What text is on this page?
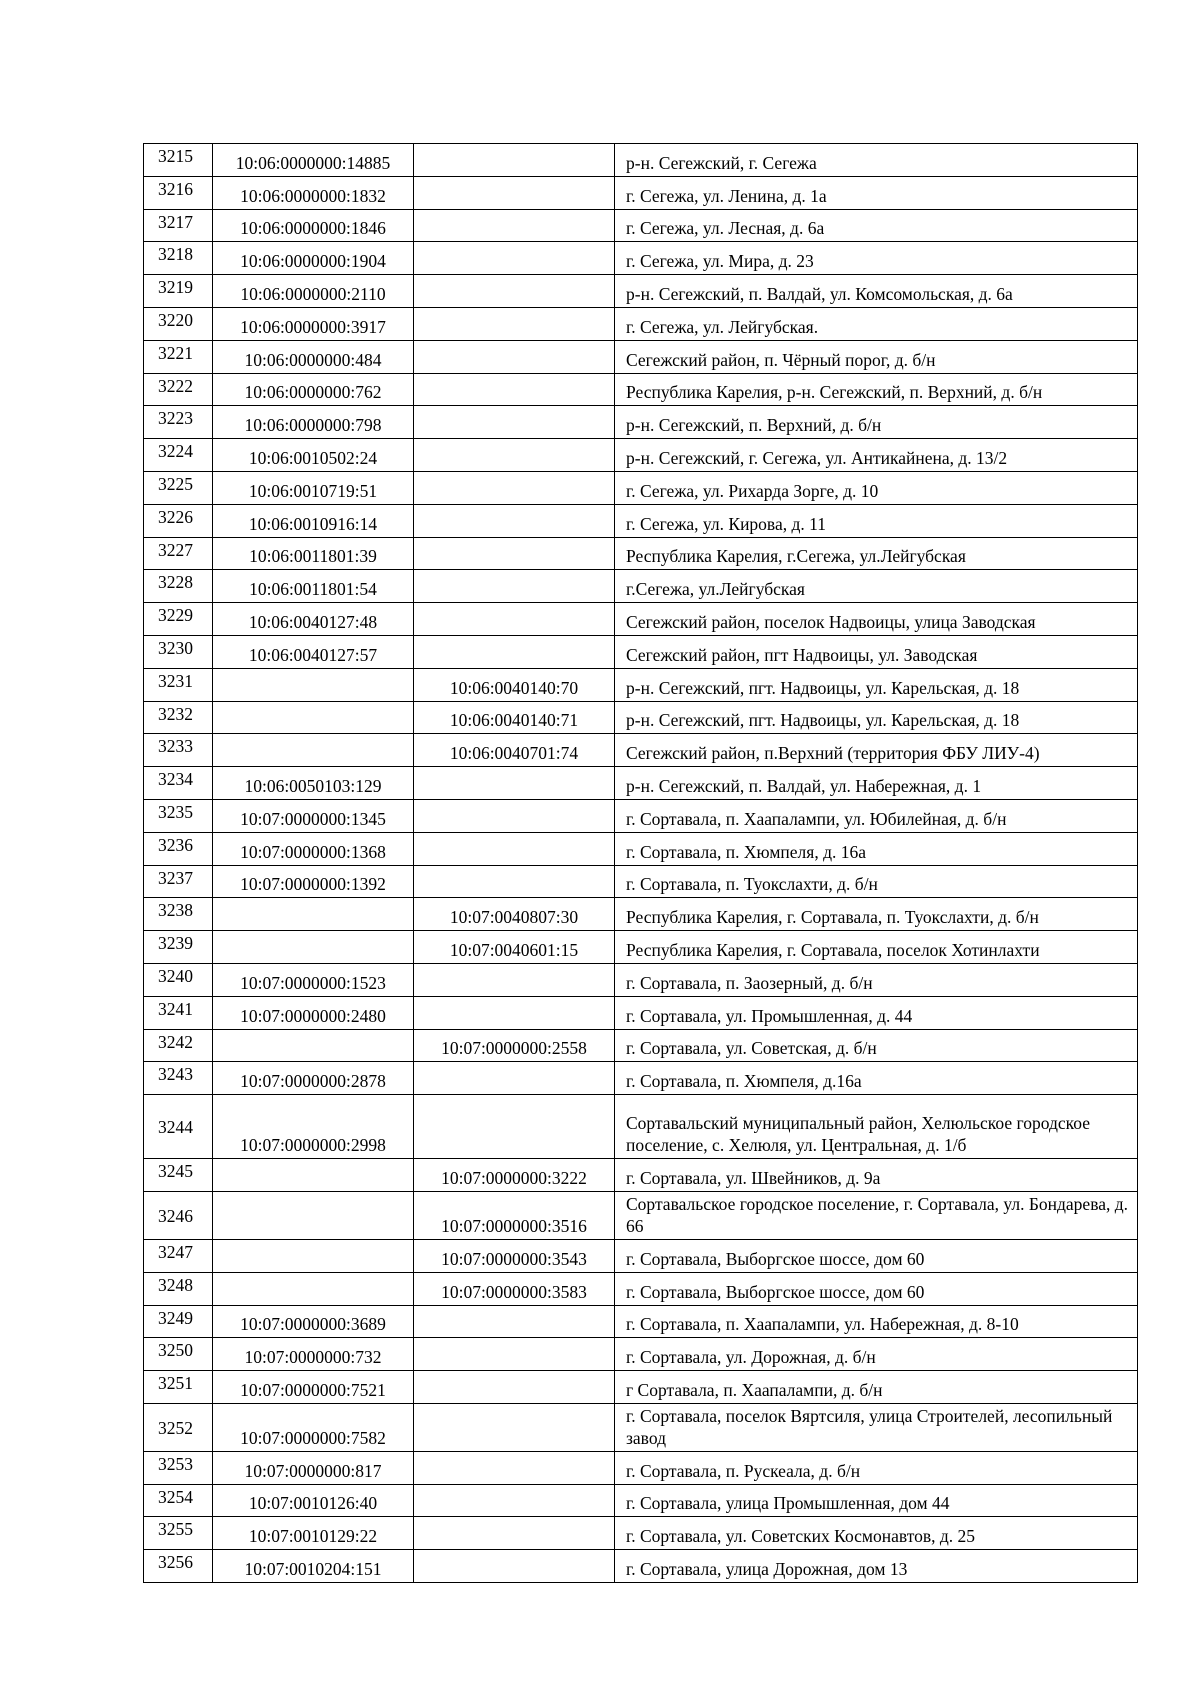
3215	10:06:0000000:14885		р-н. Сегежский, г. Сегежа
3216	10:06:0000000:1832		г. Сегежа, ул. Ленина, д. 1а
3217	10:06:0000000:1846		г. Сегежа, ул. Лесная, д. 6а
3218	10:06:0000000:1904		г. Сегежа, ул. Мира, д. 23
3219	10:06:0000000:2110		р-н. Сегежский, п. Валдай, ул. Комсомольская, д. 6а
3220	10:06:0000000:3917		г. Сегежа, ул. Лейгубская.
3221	10:06:0000000:484		Сегежский район, п. Чёрный порог, д. б/н
3222	10:06:0000000:762		Республика Карелия, р-н. Сегежский, п. Верхний, д. б/н
3223	10:06:0000000:798		р-н. Сегежский, п. Верхний, д. б/н
3224	10:06:0010502:24		р-н. Сегежский, г. Сегежа, ул. Антикайнена, д. 13/2
3225	10:06:0010719:51		г. Сегежа, ул. Рихарда Зорге, д. 10
3226	10:06:0010916:14		г. Сегежа, ул. Кирова, д. 11
3227	10:06:0011801:39		Республика Карелия, г.Сегежа, ул.Лейгубская
3228	10:06:0011801:54		г.Сегежа, ул.Лейгубская
3229	10:06:0040127:48		Сегежский район, поселок Надвоицы, улица Заводская
3230	10:06:0040127:57		Сегежский район, пгт Надвоицы, ул. Заводская
3231		10:06:0040140:70	р-н. Сегежский, пгт. Надвоицы, ул. Карельская, д. 18
3232		10:06:0040140:71	р-н. Сегежский, пгт. Надвоицы, ул. Карельская, д. 18
3233		10:06:0040701:74	Сегежский район, п.Верхний (территория ФБУ ЛИУ-4)
3234	10:06:0050103:129		р-н. Сегежский, п. Валдай, ул. Набережная, д. 1
3235	10:07:0000000:1345		г. Сортавала, п. Хаапалампи, ул. Юбилейная, д. б/н
3236	10:07:0000000:1368		г. Сортавала, п. Хюмпеля, д. 16а
3237	10:07:0000000:1392		г. Сортавала, п. Туокслахти, д. б/н
3238		10:07:0040807:30	Республика Карелия, г. Сортавала, п. Туокслахти, д. б/н
3239		10:07:0040601:15	Республика Карелия, г. Сортавала, поселок Хотинлахти
3240	10:07:0000000:1523		г. Сортавала, п. Заозерный, д. б/н
3241	10:07:0000000:2480		г. Сортавала, ул. Промышленная, д. 44
3242		10:07:0000000:2558	г. Сортавала, ул. Советская, д. б/н
3243	10:07:0000000:2878		г. Сортавала, п. Хюмпеля, д.16а
3244	10:07:0000000:2998		Сортавальский муниципальный район, Хелюльское городское поселение, с. Хелюля, ул. Центральная, д. 1/б
3245		10:07:0000000:3222	г. Сортавала, ул. Швейников, д. 9а
3246		10:07:0000000:3516	Сортавальское городское поселение, г. Сортавала, ул. Бондарева, д. 66
3247		10:07:0000000:3543	г. Сортавала, Выборгское шоссе, дом 60
3248		10:07:0000000:3583	г. Сортавала, Выборгское шоссе, дом 60
3249	10:07:0000000:3689		г. Сортавала, п. Хаапалампи, ул. Набережная, д. 8-10
3250	10:07:0000000:732		г. Сортавала, ул. Дорожная, д. б/н
3251	10:07:0000000:7521		г Сортавала, п. Хаапалампи, д. б/н
3252	10:07:0000000:7582		г. Сортавала, поселок Вяртсиля, улица Строителей, лесопильный завод
3253	10:07:0000000:817		г. Сортавала, п. Рускеала, д. б/н
3254	10:07:0010126:40		г. Сортавала, улица Промышленная, дом 44
3255	10:07:0010129:22		г. Сортавала, ул. Советских Космонавтов, д. 25
3256	10:07:0010204:151		г. Сортавала, улица Дорожная, дом 13
